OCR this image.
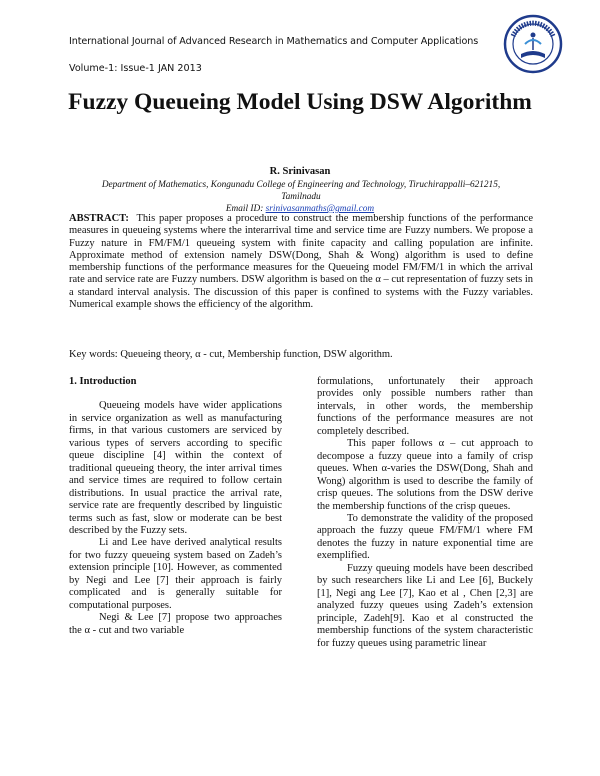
International Journal of Advanced Research in Mathematics and Computer Applications
Volume-1: Issue-1 JAN 2013
Fuzzy Queueing Model Using DSW Algorithm
R. Srinivasan
Department of Mathematics, Kongunadu College of Engineering and Technology, Tiruchirappalli–621215, Tamilnadu
Email ID: srinivasanmaths@gmail.com
ABSTRACT: This paper proposes a procedure to construct the membership functions of the performance measures in queueing systems where the interarrival time and service time are Fuzzy numbers. We propose a Fuzzy nature in FM/FM/1 queueing system with finite capacity and calling population are infinite. Approximate method of extension namely DSW(Dong, Shah & Wong) algorithm is used to define membership functions of the performance measures for the Queueing model FM/FM/1 in which the arrival rate and service rate are Fuzzy numbers. DSW algorithm is based on the α – cut representation of fuzzy sets in a standard interval analysis. The discussion of this paper is confined to systems with the Fuzzy variables. Numerical example shows the efficiency of the algorithm.
Key words: Queueing theory, α - cut, Membership function, DSW algorithm.

1. Introduction

Queueing models have wider applications in service organization as well as manufacturing firms, in that various customers are serviced by various types of servers according to specific queue discipline [4] within the context of traditional queueing theory, the inter arrival times and service times are required to follow certain distributions. In usual practice the arrival rate, service rate are frequently described by linguistic terms such as fast, slow or moderate can be best described by the Fuzzy sets.

Li and Lee have derived analytical results for two fuzzy queueing system based on Zadeh’s extension principle [10]. However, as commented by Negi and Lee [7] their approach is fairly complicated and is generally suitable for computational purposes.

Negi & Lee [7] propose two approaches the α - cut and two variable

formulations, unfortunately their approach provides only possible numbers rather than intervals, in other words, the membership functions of the performance measures are not completely described.

This paper follows α – cut approach to decompose a fuzzy queue into a family of crisp queues. When α-varies the DSW(Dong, Shah and Wong) algorithm is used to describe the family of crisp queues. The solutions from the DSW derive the membership functions of the crisp queues.

To demonstrate the validity of the proposed approach the fuzzy queue FM/FM/1 where FM denotes the fuzzy in nature exponential time are exemplified.

Fuzzy queuing models have been described by such researchers like Li and Lee [6], Buckely [1], Negi ang Lee [7], Kao et al , Chen [2,3] are analyzed fuzzy queues using Zadeh’s extension principle, Zadeh[9]. Kao et al constructed the membership functions of the system characteristic for fuzzy queues using parametric linear
